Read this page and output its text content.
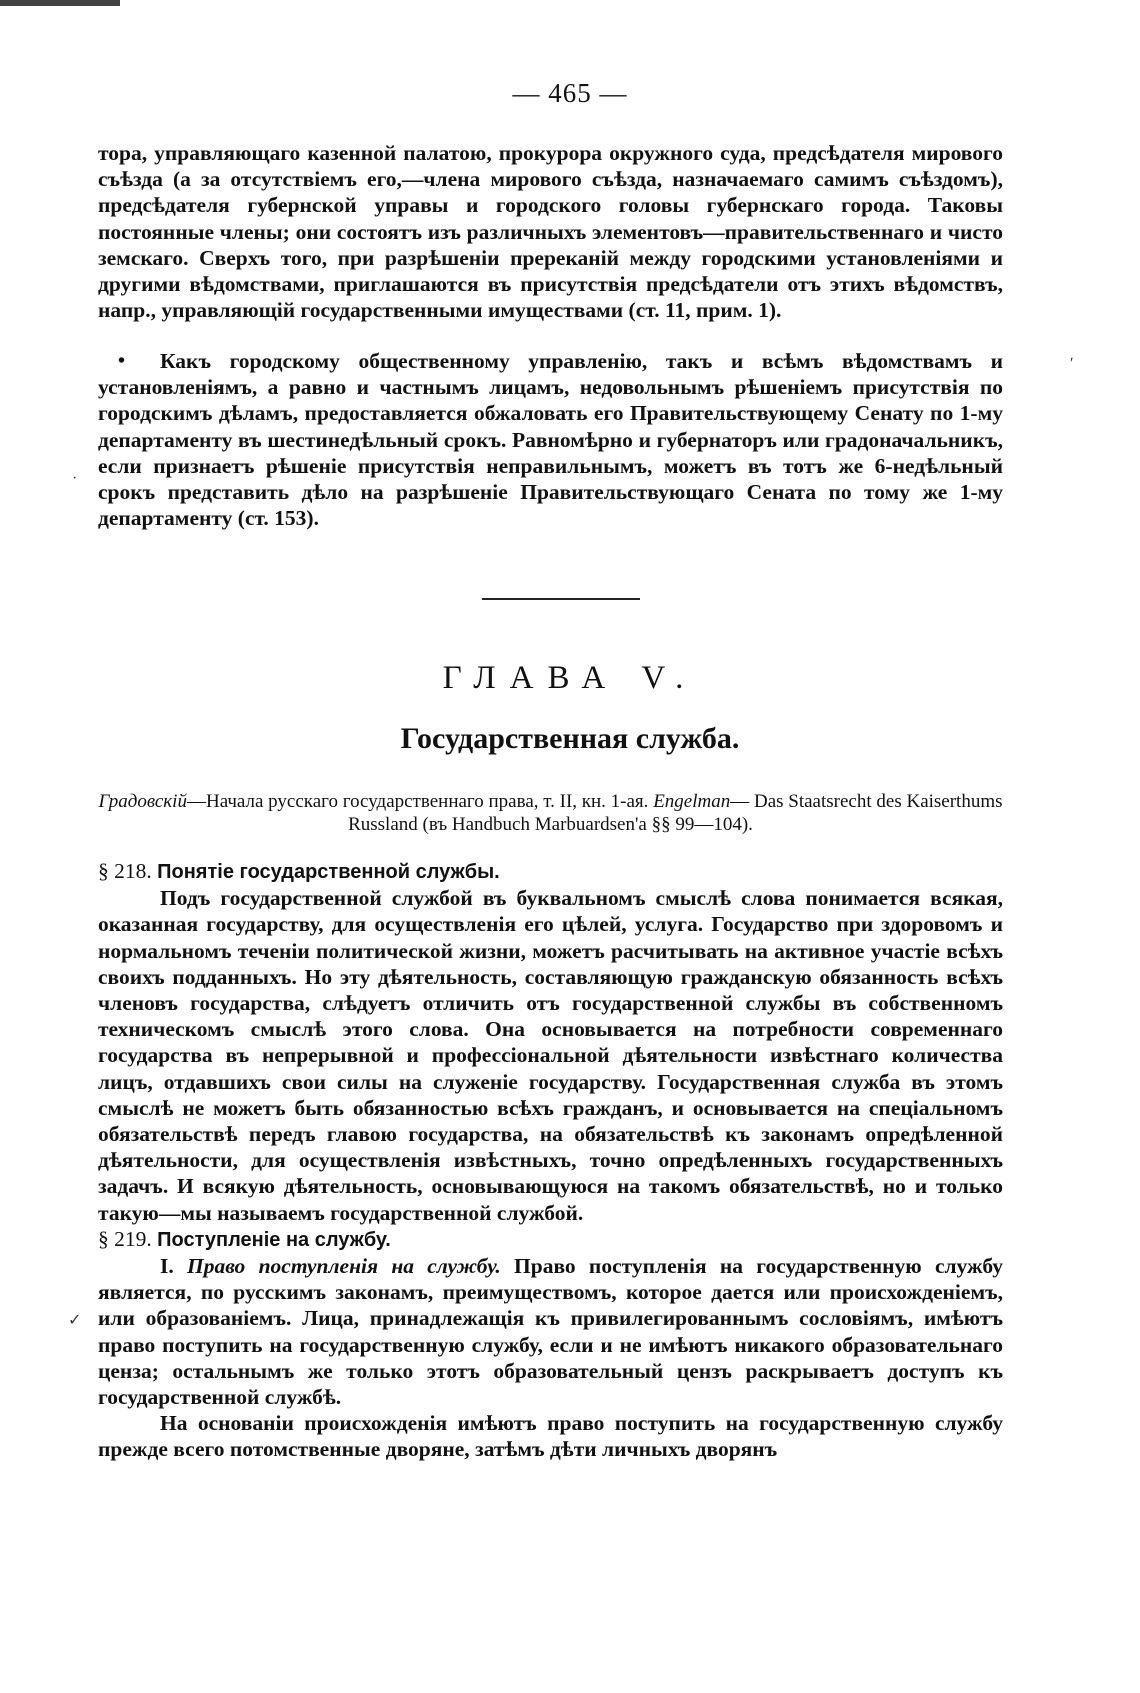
— 465 —

тора, управляющаго казенной палатою, прокурора окружного суда, предсѣдателя мирового съѣзда (а за отсутствіемъ его,—члена мирового съѣзда, назначаемаго самимъ съѣздомъ), предсѣдателя губернской управы и городского головы губернскаго города. Таковы постоянные члены; они состоятъ изъ различныхъ элементовъ—правительственнаго и чисто земскаго. Сверхъ того, при разрѣшеніи пререканій между городскими установленіями и другими вѣдомствами, приглашаются въ присутствія предсѣдатели отъ этихъ вѣдомствъ, напр., управляющій государственными имуществами (ст. 11, прим. 1).

Какъ городскому общественному управленію, такъ и всѣмъ вѣдомствамъ и установленіямъ, а равно и частнымъ лицамъ, недовольнымъ рѣшеніемъ присутствія по городскимъ дѣламъ, предоставляется обжаловать его Правительствующему Сенату по 1-му департаменту въ шестинедѣльный срокъ. Равномѣрно и губернаторъ или градоначальникъ, если признаетъ рѣшеніе присутствія неправильнымъ, можетъ въ тотъ же 6-недѣльный срокъ представить дѣло на разрѣшеніе Правительствующаго Сената по тому же 1-му департаменту (ст. 153).

•
ГЛАВА V.
Государственная служба.
Градовскій—Начала русскаго государственнаго права, т. II, кн. 1-ая. Engelman— Das Staatsrecht des Kaiserthums Russland (въ Handbuch Marbuardsen'a §§ 99—104).

§ 218. Понятіе государственной службы.

Подъ государственной службой въ буквальномъ смыслѣ слова понимается всякая, оказанная государству, для осуществленія его цѣлей, услуга. Государство при здоровомъ и нормальномъ теченіи политической жизни, можетъ расчитывать на активное участіе всѣхъ своихъ подданныхъ. Но эту дѣятельность, составляющую гражданскую обязанность всѣхъ членовъ государства, слѣдуетъ отличить отъ государственной службы въ собственномъ техническомъ смыслѣ этого слова. Она основывается на потребности современнаго государства въ непрерывной и профессіональной дѣятельности извѣстнаго количества лицъ, отдавшихъ свои силы на служеніе государству. Государственная служба въ этомъ смыслѣ не можетъ быть обязанностью всѣхъ гражданъ, и основывается на спеціальномъ обязательствѣ передъ главою государства, на обязательствѣ къ законамъ опредѣленной дѣятельности, для осуществленія извѣстныхъ, точно опредѣленныхъ государственныхъ задачъ. И всякую дѣятельность, основывающуюся на такомъ обязательствѣ, но и только такую—мы называемъ государственной службой.

§ 219. Поступленіе на службу.

I. Право поступленія на службу. Право поступленія на государственную службу является, по русскимъ законамъ, преимуществомъ, которое дается или происхожденіемъ, или образованіемъ. Лица, принадлежащія къ привилегированнымъ сословіямъ, имѣютъ право поступить на государственную службу, если и не имѣютъ никакого образовательнаго ценза; остальнымъ же только этотъ образовательный цензъ раскрываетъ доступъ къ государственной службѣ.

На основаніи происхожденія имѣютъ право поступить на государственную службу прежде всего потомственные дворяне, затѣмъ дѣти личныхъ дворянъ

·
ʹ
✓
